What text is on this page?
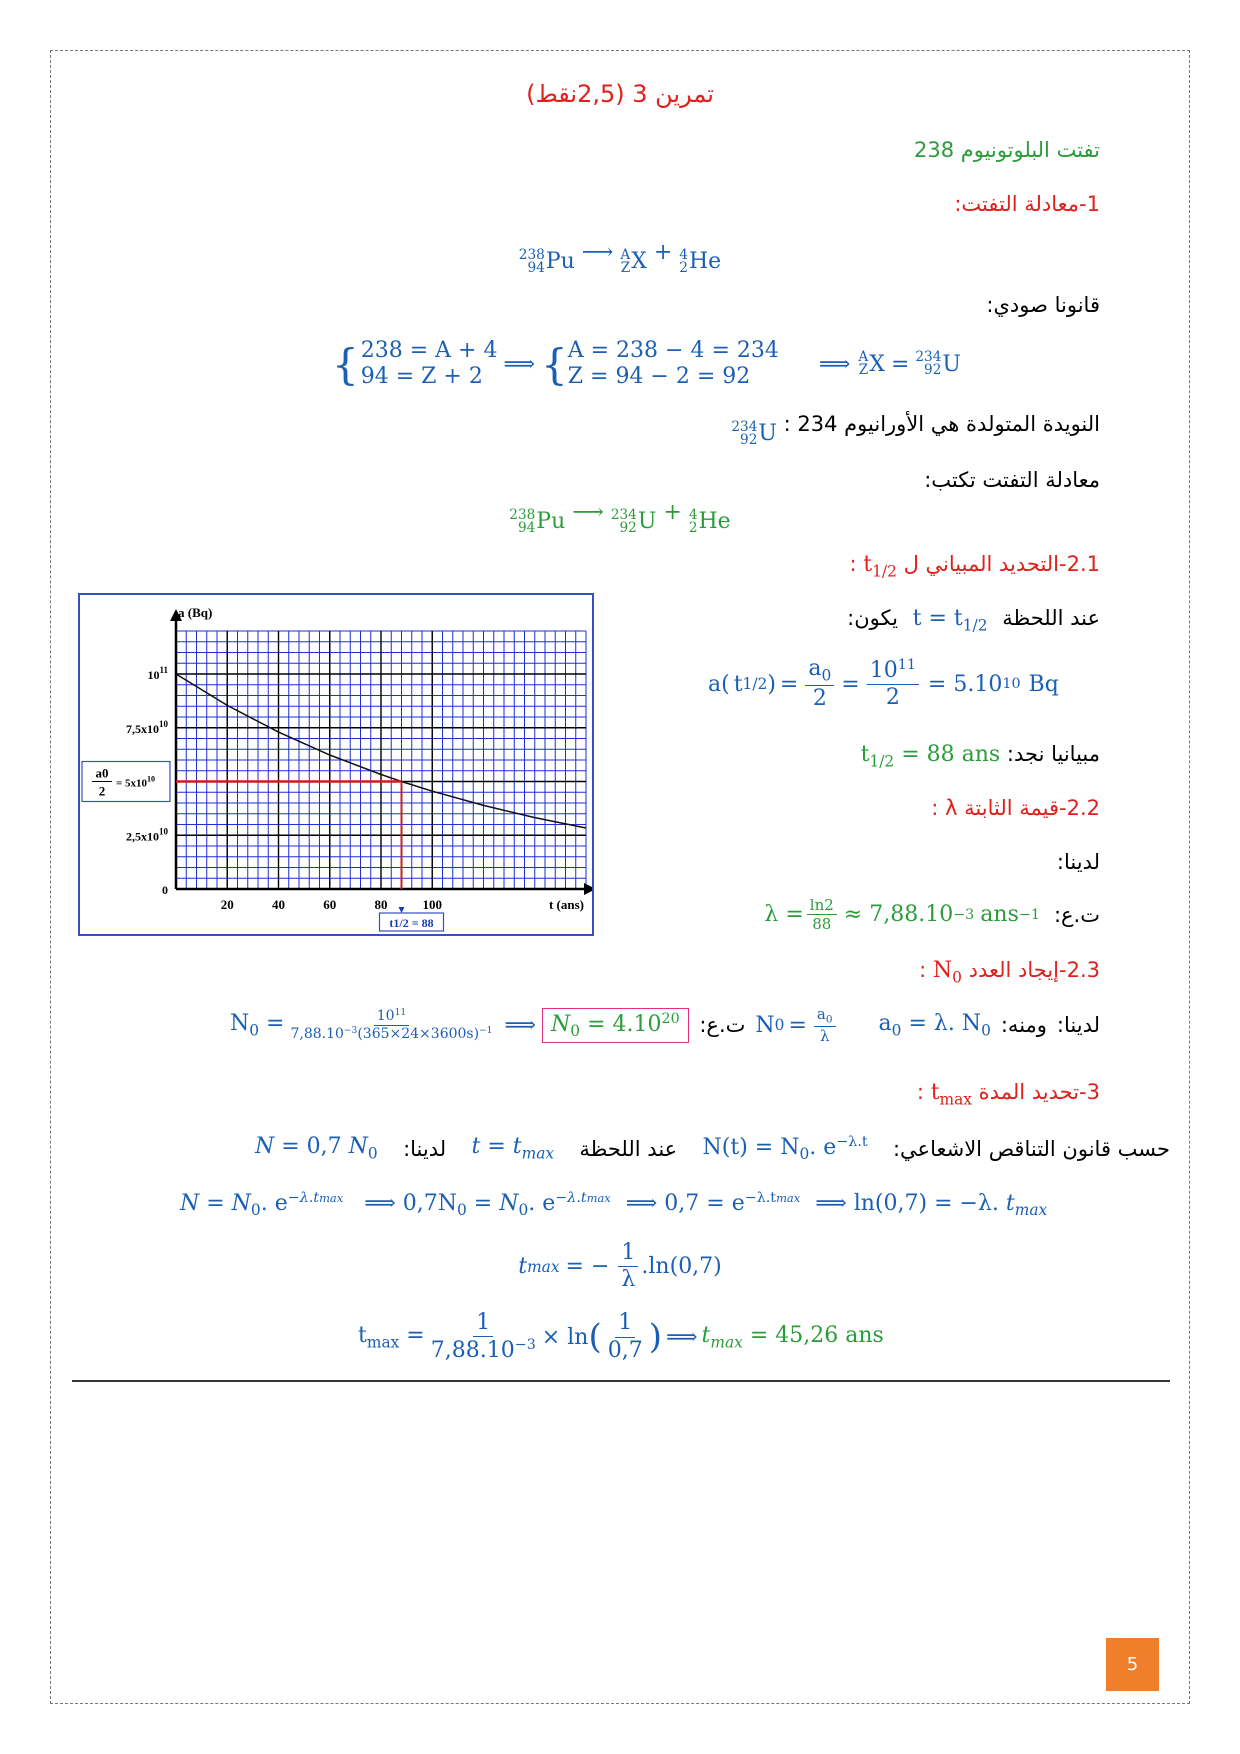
تمرين 3 (2,5نقط)
تفتت البلوتونيوم 238
1-معادلة التفتت:
238
94 Pu ⟶ A
Z X + 4
2 He
قانونا صودي:
{ 238 = A + 4
94 = Z + 2 ⟹ { A = 238 − 4 = 234
Z = 94 − 2 = 92	⟹ A
Z X = 234
92 U
234
92 U النويدة المتولدة هي الأورانيوم 234 :
معادلة التفتت تكتب:
238
94 Pu ⟶ 234
92 U + 4
2 He
: $t_{1/2}$ 2.1-التحديد المبياني ل
يكون: $t = t_{1/2}$ عند اللحظة
a( t 1/2 ) = $\frac{a_0}{2} = \frac{10^{11}}{2} = 5.10$ 10 Bq
$t_{1/2} = 88$ ans مبيانيا نجد:
2.2-قيمة الثابتة λ :
لدينا:
$\lambda = \frac{\ln 2}{88} \approx 7,88.10 -3$ ans −1 ت.ع:
: $N_0$ 2.3-إيجاد العدد
$N_0 = \frac{10^{11}}{7,88.10^{-3}(365\times 24\times 3600s)^{-1}}$ ⟹ $N_0 = 4.10^{20}$ ت.ع: N $0 = \frac{a_0}{\lambda} a_0 = \lambda$. $N_0$ ومنه: لدينا:
: $t_{max}$ 3-تحديد المدة
N = 0,7 $N_0$ لدينا: $t = t_{max}$ عند اللحظة $N(t) = N_0$. $e^{-\lambda.t}$ حسب قانون التناقص الاشعاعي:
$N = N_0$. $e^{-\lambda.tmax}$ ⟹ $0,7N_0 = N_0$. $e^{-\lambda.tmax}$ ⟹ $0,7 = e^{-\lambda.tmax}$ ⟹ ln(0,7) = −λ. $t_{max}$
t max = − $\frac{1}{\lambda} .\ln(0,7)$
$t_{max} = \frac{1}{7,88.10^{-3}} \times \ln$ ( $\frac{1}{0,7}$ ) ⟹ $t_{max} = 45,26$ ans
20	40	60	80	100
0
$2,5x10^{10}$
$7,5x10^{10}$
$10^{11}$
a0
$2 = 5x10^{10}$
t1/2 = 88
a (Bq)
t (ans)
5
